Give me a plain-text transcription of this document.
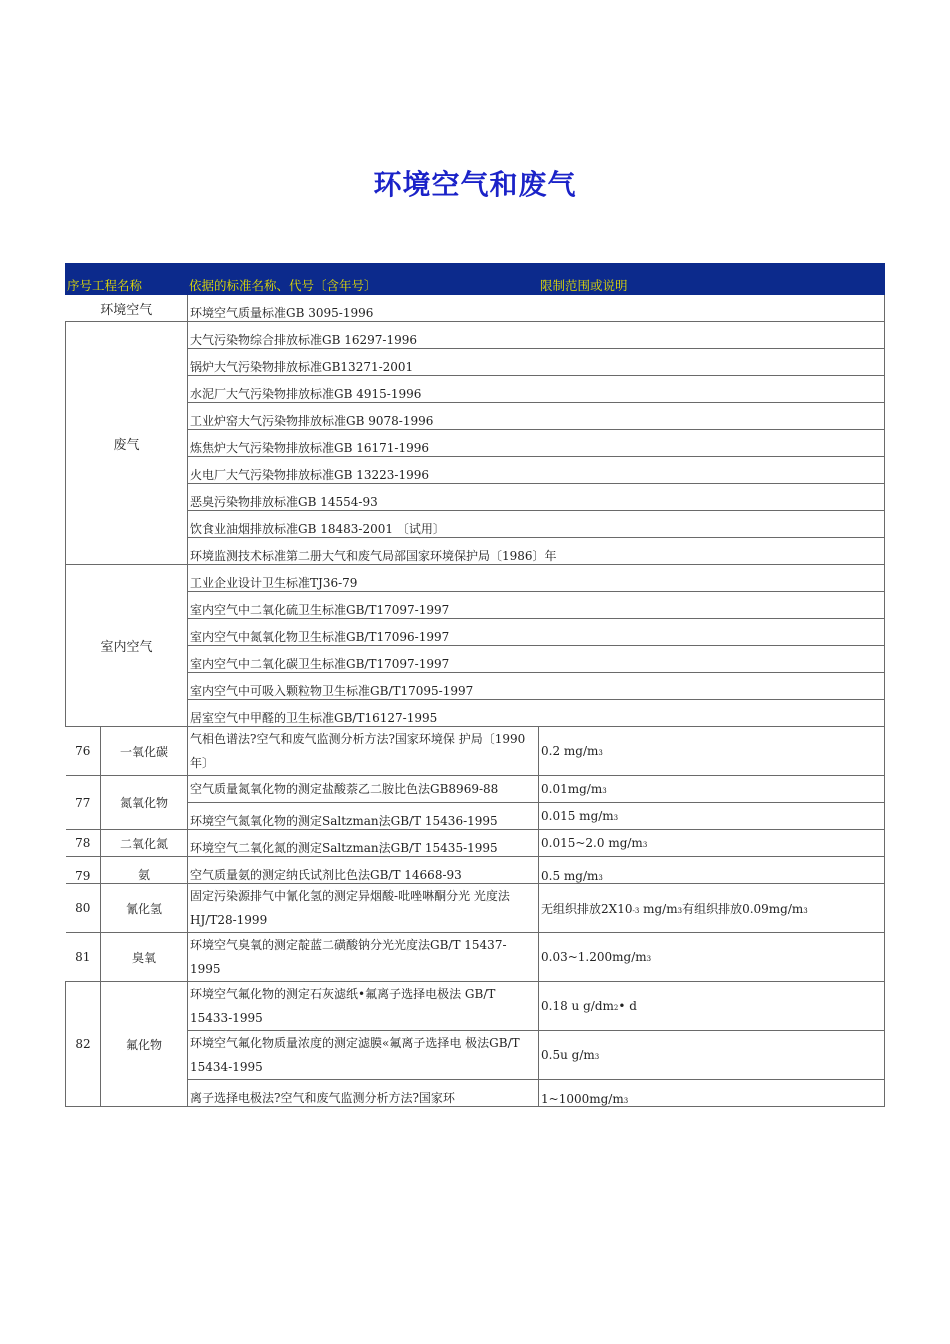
环境空气和废气
序号工程名称		依据的标准名称、代号〔含年号〕	限制范围或说明
环境空气		环境空气质量标准GB 3095-1996	
废气		大气污染物综合排放标准GB 16297-1996	
		锅炉大气污染物排放标准GB13271-2001	
		水泥厂大气污染物排放标准GB 4915-1996	
		工业炉窑大气污染物排放标准GB 9078-1996	
		炼焦炉大气污染物排放标准GB 16171-1996	
		火电厂大气污染物排放标准GB 13223-1996	
		恶臭污染物排放标准GB 14554-93	
		饮食业油烟排放标准GB 18483-2001 〔试用〕	
		环境监测技术标准第二册大气和废气局部国家环境保护局〔1986〕年	
室内空气		工业企业设计卫生标准TJ36-79	
		室内空气中二氧化硫卫生标准GB/T17097-1997	
		室内空气中氮氧化物卫生标准GB/T17096-1997	
		室内空气中二氧化碳卫生标准GB/T17097-1997	
		室内空气中可吸入颗粒物卫生标准GB/T17095-1997	
		居室空气中甲醛的卫生标准GB/T16127-1995	
76	一氧化碳	气相色谱法?空气和废气监测分析方法?国家环境保 护局〔1990年〕	0.2 mg/m3
77	氮氧化物	空气质量氮氧化物的测定盐酸萘乙二胺比色法GB8969-88	0.01mg/m3
		环境空气氮氧化物的测定Saltzman法GB/T 15436-1995	0.015 mg/m3
78	二氧化氮	环境空气二氧化氮的测定Saltzman法GB/T 15435-1995	0.015~2.0 mg/m3
79	氨	空气质量氨的测定纳氏试剂比色法GB/T 14668-93	0.5 mg/m3
80	氰化氢	固定污染源排气中氰化氢的测定异烟酸-吡唑啉酮分光 光度法 HJ/T28-1999	无组织排放2X10-3 mg/m3有组织排放0.09mg/m3
81	臭氧	环境空气臭氧的测定靛蓝二磺酸钠分光光度法GB/T 15437-1995	0.03~1.200mg/m3
82	氟化物	环境空气氟化物的测定石灰滤纸•氟离子选择电极法 GB/T 15433-1995	0.18 u g/dm2• d
		环境空气氟化物质量浓度的测定滤膜«氟离子选择电 极法GB/T 15434-1995	0.5u g/m3
		离子选择电极法?空气和废气监测分析方法?国家环	1~1000mg/m3
